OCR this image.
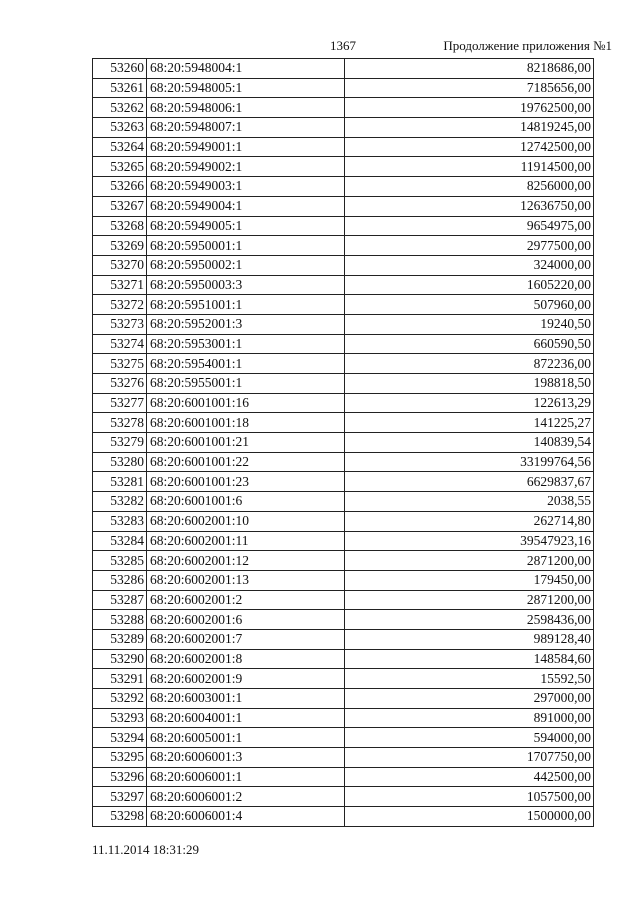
1367	Продолжение приложения №1
53260	68:20:5948004:1	8218686,00
53261	68:20:5948005:1	7185656,00
53262	68:20:5948006:1	19762500,00
53263	68:20:5948007:1	14819245,00
53264	68:20:5949001:1	12742500,00
53265	68:20:5949002:1	11914500,00
53266	68:20:5949003:1	8256000,00
53267	68:20:5949004:1	12636750,00
53268	68:20:5949005:1	9654975,00
53269	68:20:5950001:1	2977500,00
53270	68:20:5950002:1	324000,00
53271	68:20:5950003:3	1605220,00
53272	68:20:5951001:1	507960,00
53273	68:20:5952001:3	19240,50
53274	68:20:5953001:1	660590,50
53275	68:20:5954001:1	872236,00
53276	68:20:5955001:1	198818,50
53277	68:20:6001001:16	122613,29
53278	68:20:6001001:18	141225,27
53279	68:20:6001001:21	140839,54
53280	68:20:6001001:22	33199764,56
53281	68:20:6001001:23	6629837,67
53282	68:20:6001001:6	2038,55
53283	68:20:6002001:10	262714,80
53284	68:20:6002001:11	39547923,16
53285	68:20:6002001:12	2871200,00
53286	68:20:6002001:13	179450,00
53287	68:20:6002001:2	2871200,00
53288	68:20:6002001:6	2598436,00
53289	68:20:6002001:7	989128,40
53290	68:20:6002001:8	148584,60
53291	68:20:6002001:9	15592,50
53292	68:20:6003001:1	297000,00
53293	68:20:6004001:1	891000,00
53294	68:20:6005001:1	594000,00
53295	68:20:6006001:3	1707750,00
53296	68:20:6006001:1	442500,00
53297	68:20:6006001:2	1057500,00
53298	68:20:6006001:4	1500000,00
11.11.2014 18:31:29
